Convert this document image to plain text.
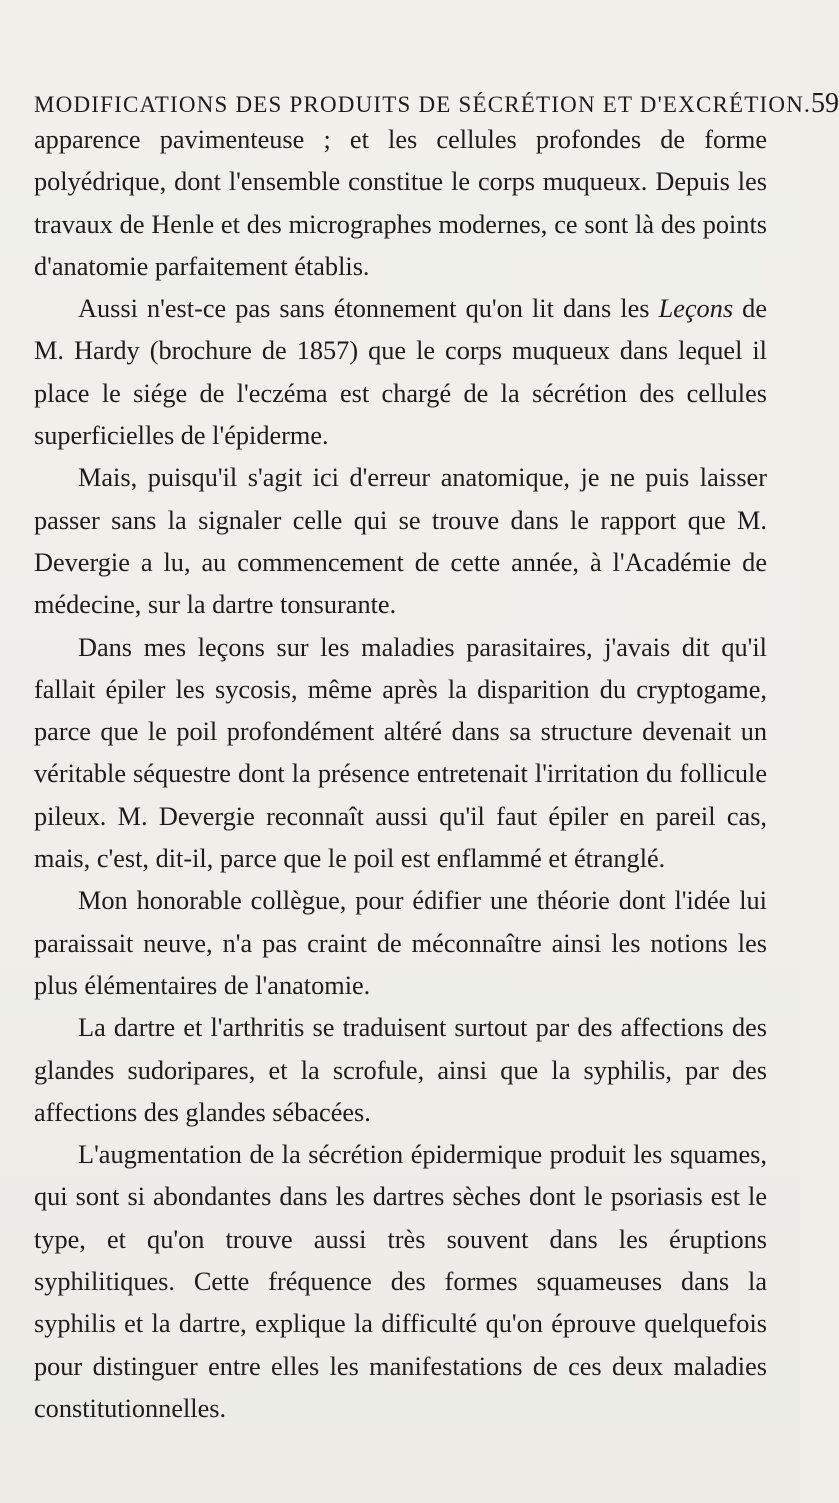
MODIFICATIONS DES PRODUITS DE SÉCRÉTION ET D'EXCRÉTION. 59

apparence pavimenteuse ; et les cellules profondes de forme polyédrique, dont l'ensemble constitue le corps muqueux. Depuis les travaux de Henle et des micrographes modernes, ce sont là des points d'anatomie parfaitement établis.

Aussi n'est-ce pas sans étonnement qu'on lit dans les Leçons de M. Hardy (brochure de 1857) que le corps muqueux dans lequel il place le siége de l'eczéma est chargé de la sécrétion des cellules superficielles de l'épiderme.

Mais, puisqu'il s'agit ici d'erreur anatomique, je ne puis laisser passer sans la signaler celle qui se trouve dans le rapport que M. Devergie a lu, au commencement de cette année, à l'Académie de médecine, sur la dartre tonsurante.

Dans mes leçons sur les maladies parasitaires, j'avais dit qu'il fallait épiler les sycosis, même après la disparition du cryptogame, parce que le poil profondément altéré dans sa structure devenait un véritable séquestre dont la présence entretenait l'irritation du follicule pileux. M. Devergie reconnaît aussi qu'il faut épiler en pareil cas, mais, c'est, dit-il, parce que le poil est enflammé et étranglé.

Mon honorable collègue, pour édifier une théorie dont l'idée lui paraissait neuve, n'a pas craint de méconnaître ainsi les notions les plus élémentaires de l'anatomie.

La dartre et l'arthritis se traduisent surtout par des affections des glandes sudoripares, et la scrofule, ainsi que la syphilis, par des affections des glandes sébacées.

L'augmentation de la sécrétion épidermique produit les squames, qui sont si abondantes dans les dartres sèches dont le psoriasis est le type, et qu'on trouve aussi très souvent dans les éruptions syphilitiques. Cette fréquence des formes squameuses dans la syphilis et la dartre, explique la difficulté qu'on éprouve quelquefois pour distinguer entre elles les manifestations de ces deux maladies constitutionnelles.
